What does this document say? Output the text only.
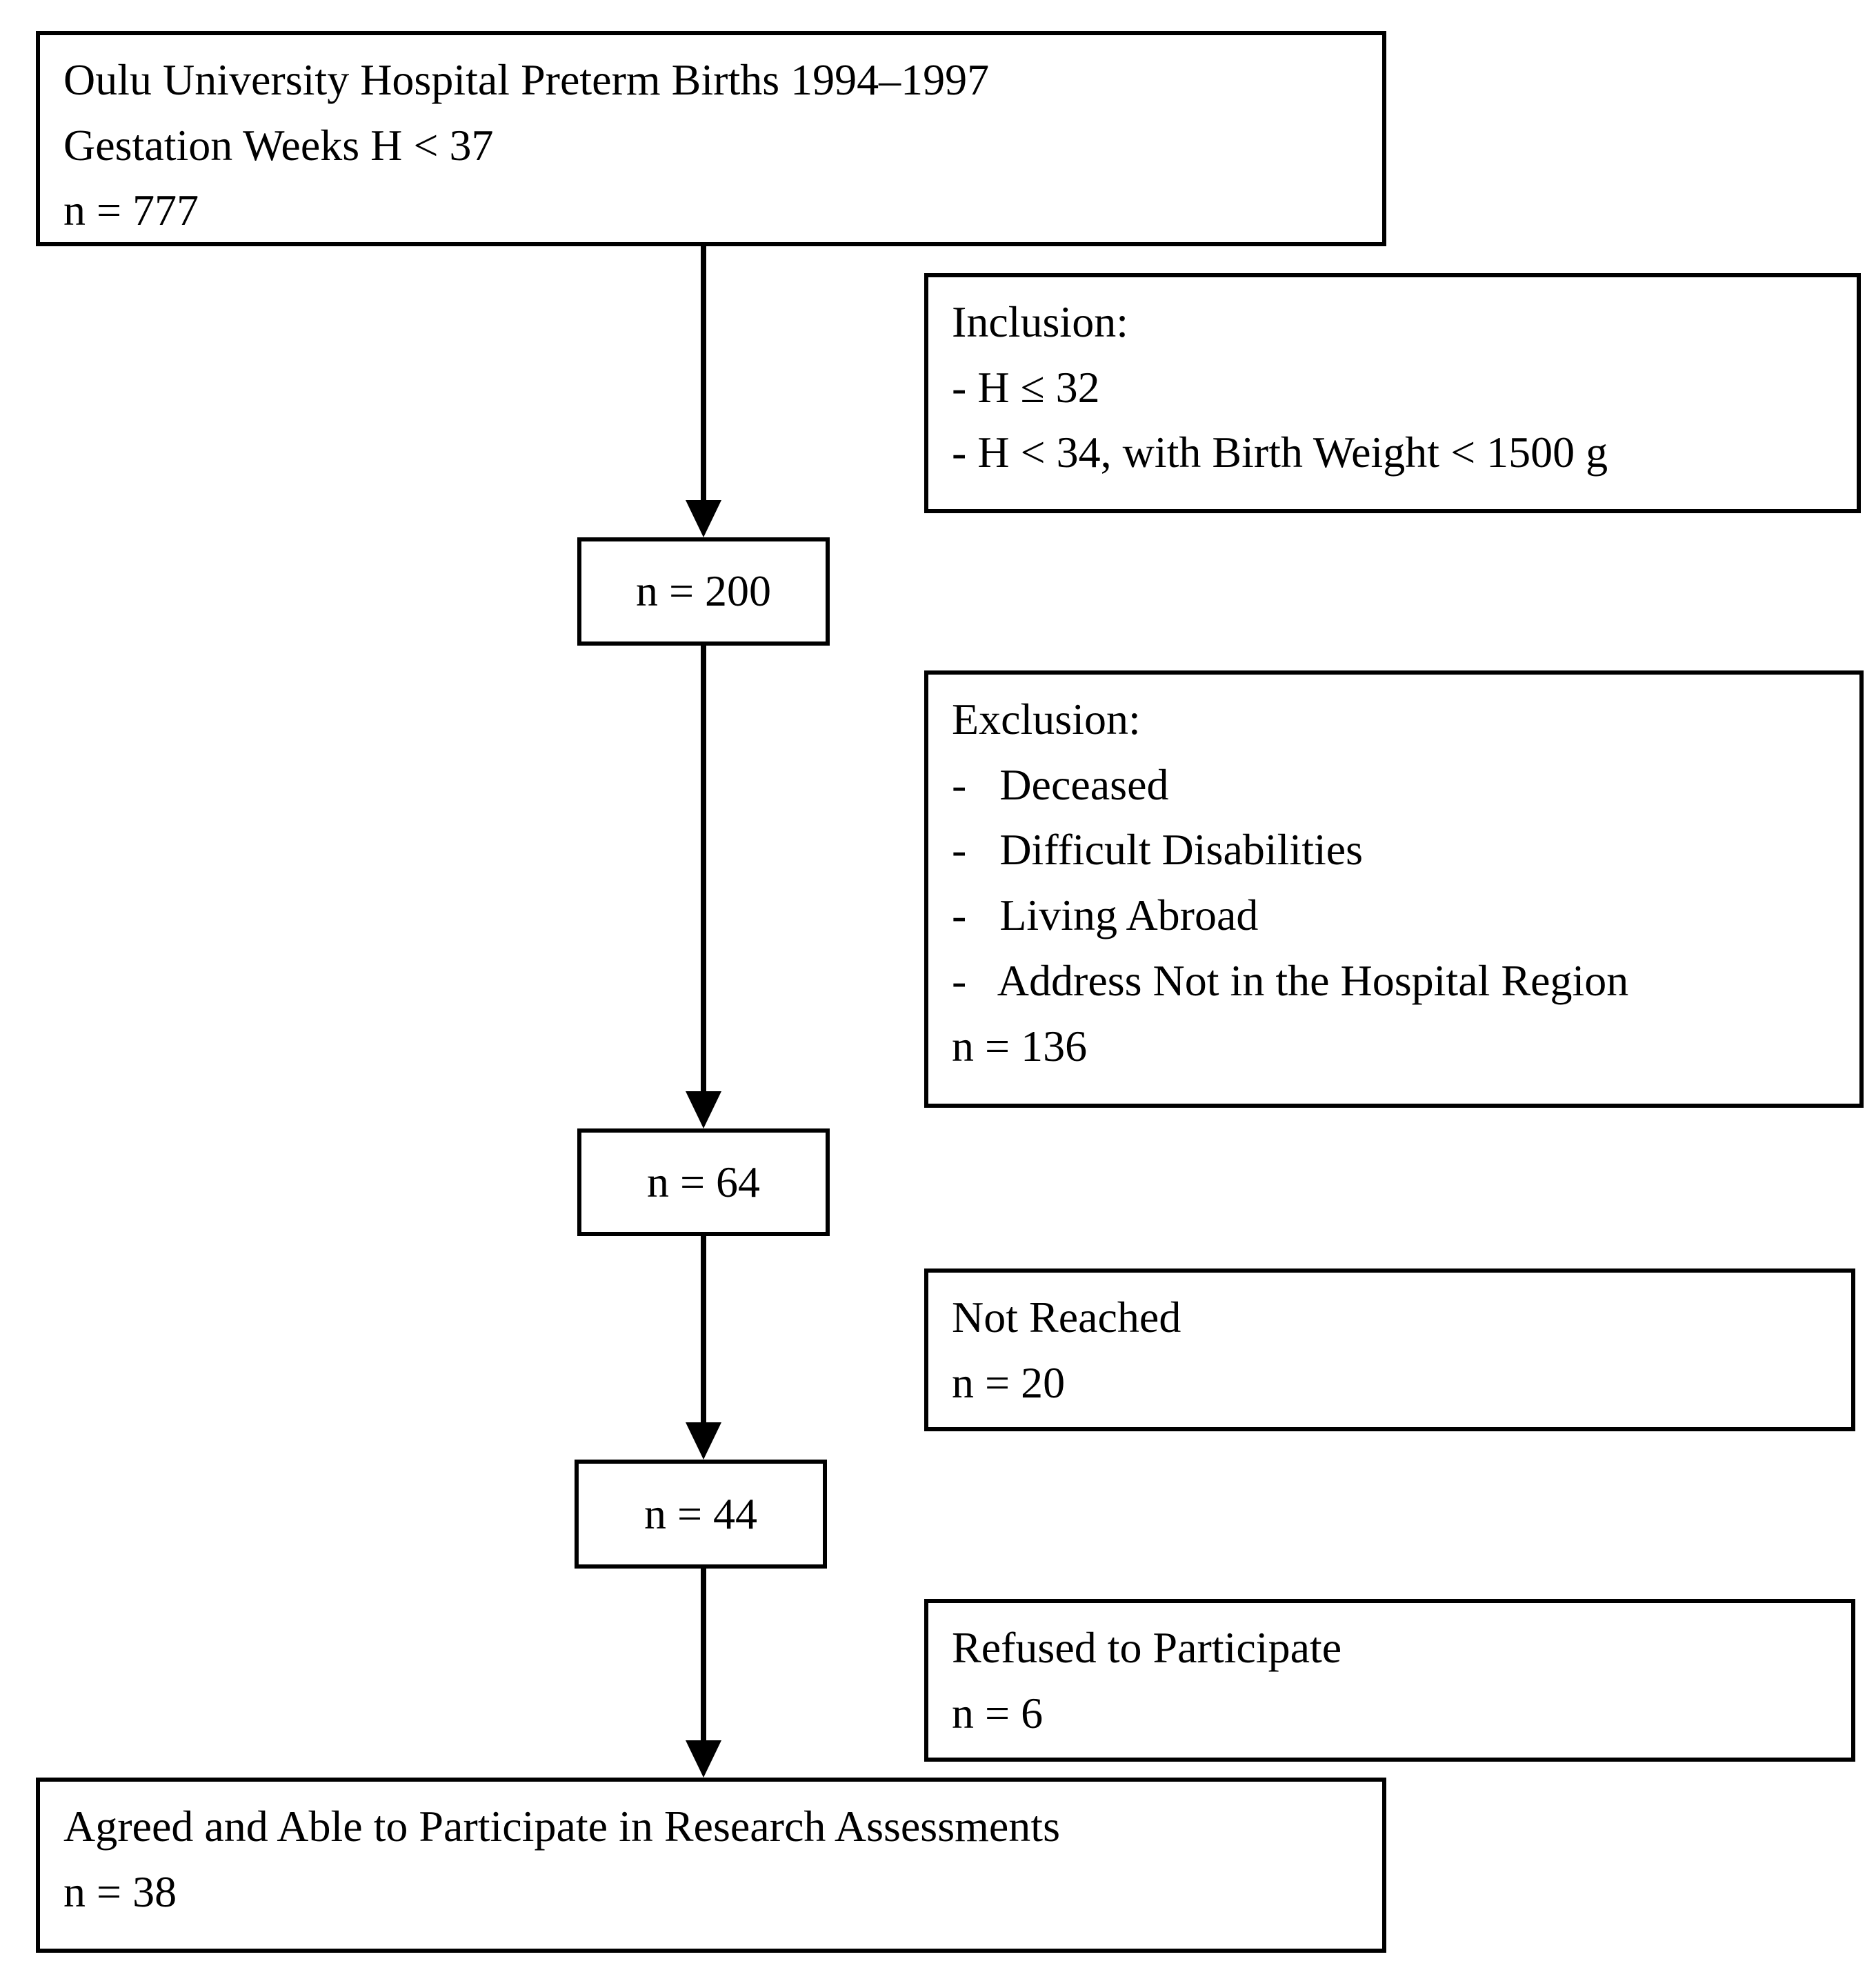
Oulu University Hospital Preterm Births 1994–1997
Gestation Weeks H < 37
n = 777
Inclusion:
- H ≤ 32
- H < 34, with Birth Weight < 1500 g
n = 200
Exclusion:
-   Deceased
-   Difficult Disabilities
-   Living Abroad
-   Address Not in the Hospital Region
n = 136
n = 64
Not Reached
n = 20
n = 44
Refused to Participate
n = 6
Agreed and Able to Participate in Research Assessments
n = 38
